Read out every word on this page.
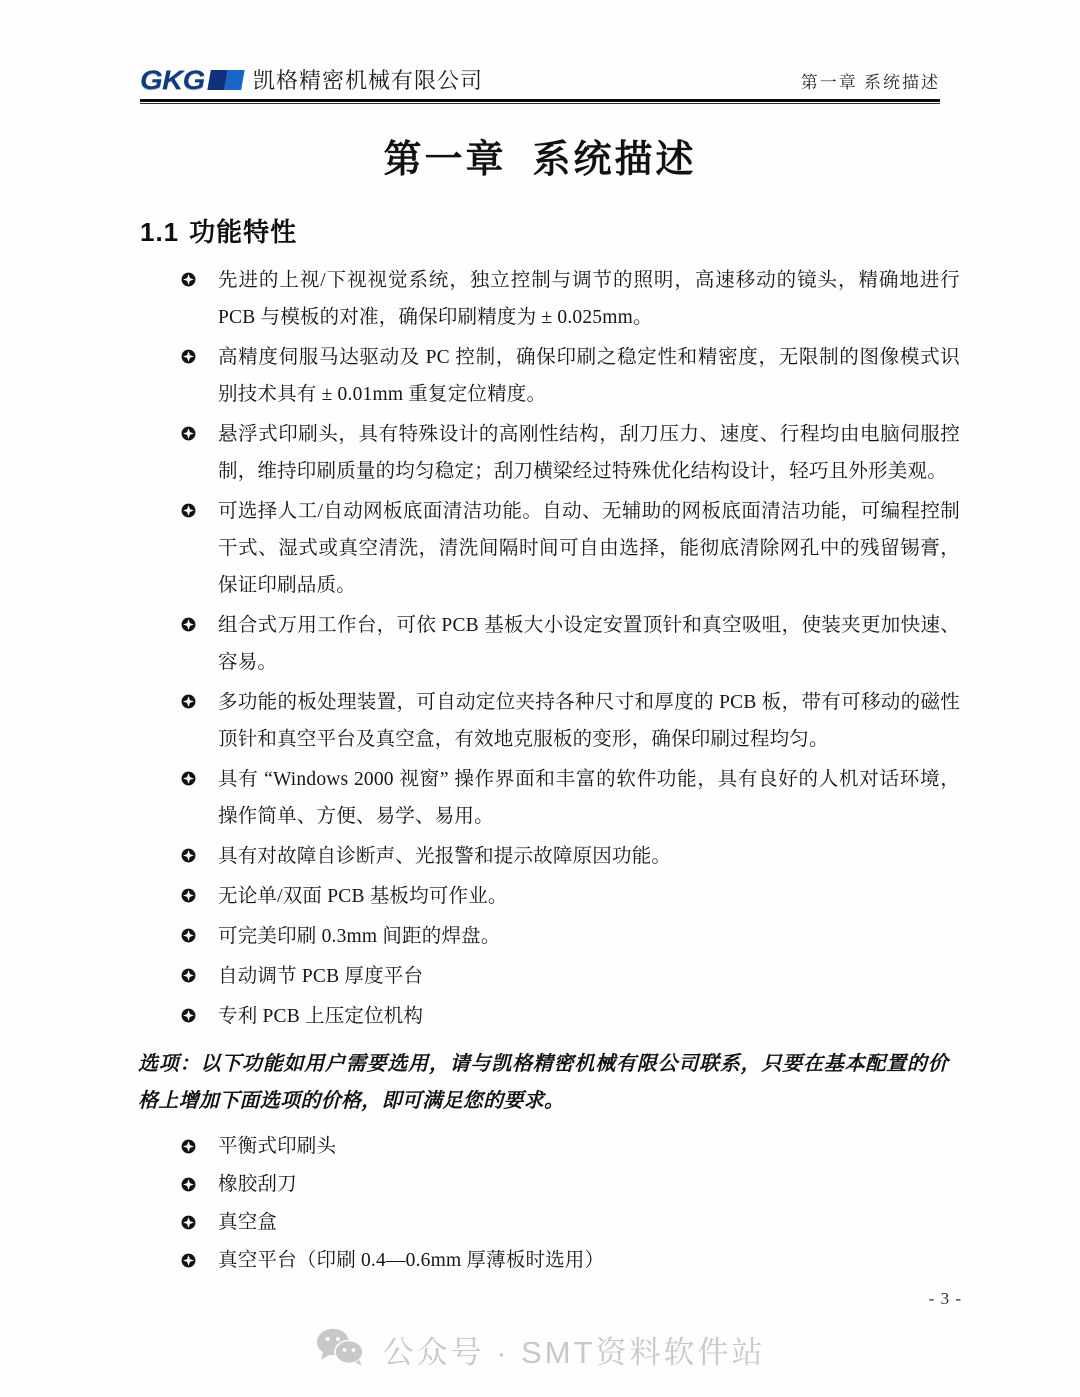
GKG 凯格精密机械有限公司	第一章 系统描述
第一章 系统描述
1.1 功能特性
先进的上视/下视视觉系统，独立控制与调节的照明，高速移动的镜头，精确地进行 PCB 与模板的对准，确保印刷精度为 ± 0.025mm。
高精度伺服马达驱动及 PC 控制，确保印刷之稳定性和精密度，无限制的图像模式识别技术具有 ± 0.01mm 重复定位精度。
悬浮式印刷头，具有特殊设计的高刚性结构，刮刀压力、速度、行程均由电脑伺服控制，维持印刷质量的均匀稳定；刮刀横梁经过特殊优化结构设计，轻巧且外形美观。
可选择人工/自动网板底面清洁功能。自动、无辅助的网板底面清洁功能，可编程控制干式、湿式或真空清洗，清洗间隔时间可自由选择，能彻底清除网孔中的残留锡膏，保证印刷品质。
组合式万用工作台，可依 PCB 基板大小设定安置顶针和真空吸咀，使装夹更加快速、容易。
多功能的板处理装置，可自动定位夹持各种尺寸和厚度的 PCB 板，带有可移动的磁性顶针和真空平台及真空盒，有效地克服板的变形，确保印刷过程均匀。
具有 “Windows 2000 视窗” 操作界面和丰富的软件功能，具有良好的人机对话环境，操作简单、方便、易学、易用。
具有对故障自诊断声、光报警和提示故障原因功能。
无论单/双面 PCB 基板均可作业。
可完美印刷 0.3mm 间距的焊盘。
自动调节 PCB 厚度平台
专利 PCB 上压定位机构
选项：以下功能如用户需要选用，请与凯格精密机械有限公司联系，只要在基本配置的价格上增加下面选项的价格，即可满足您的要求。
平衡式印刷头
橡胶刮刀
真空盒
真空平台（印刷 0.4—0.6mm 厚薄板时选用）
- 3 -
公众号 · SMT资料软件站
